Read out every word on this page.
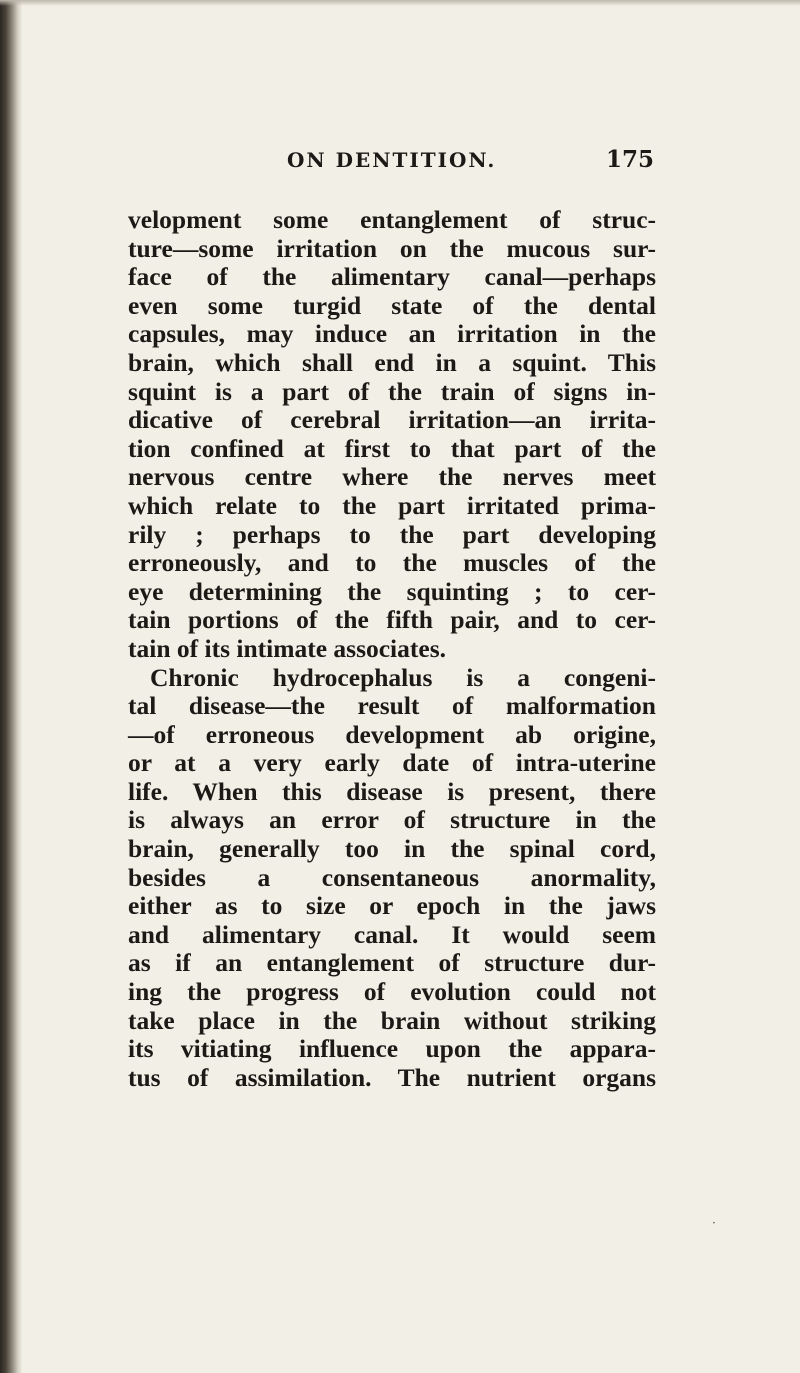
ON DENTITION.	175
velopment some entanglement of struc-
ture—some irritation on the mucous sur-
face of the alimentary canal—perhaps
even some turgid state of the dental
capsules, may induce an irritation in the
brain, which shall end in a squint. This
squint is a part of the train of signs in-
dicative of cerebral irritation—an irrita-
tion confined at first to that part of the
nervous centre where the nerves meet
which relate to the part irritated prima-
rily ; perhaps to the part developing
erroneously, and to the muscles of the
eye determining the squinting ; to cer-
tain portions of the fifth pair, and to cer-
tain of its intimate associates.
Chronic hydrocephalus is a congeni-
tal disease—the result of malformation
—of erroneous development ab origine,
or at a very early date of intra-uterine
life. When this disease is present, there
is always an error of structure in the
brain, generally too in the spinal cord,
besides a consentaneous anormality,
either as to size or epoch in the jaws
and alimentary canal. It would seem
as if an entanglement of structure dur-
ing the progress of evolution could not
take place in the brain without striking
its vitiating influence upon the appara-
tus of assimilation. The nutrient organs
·
